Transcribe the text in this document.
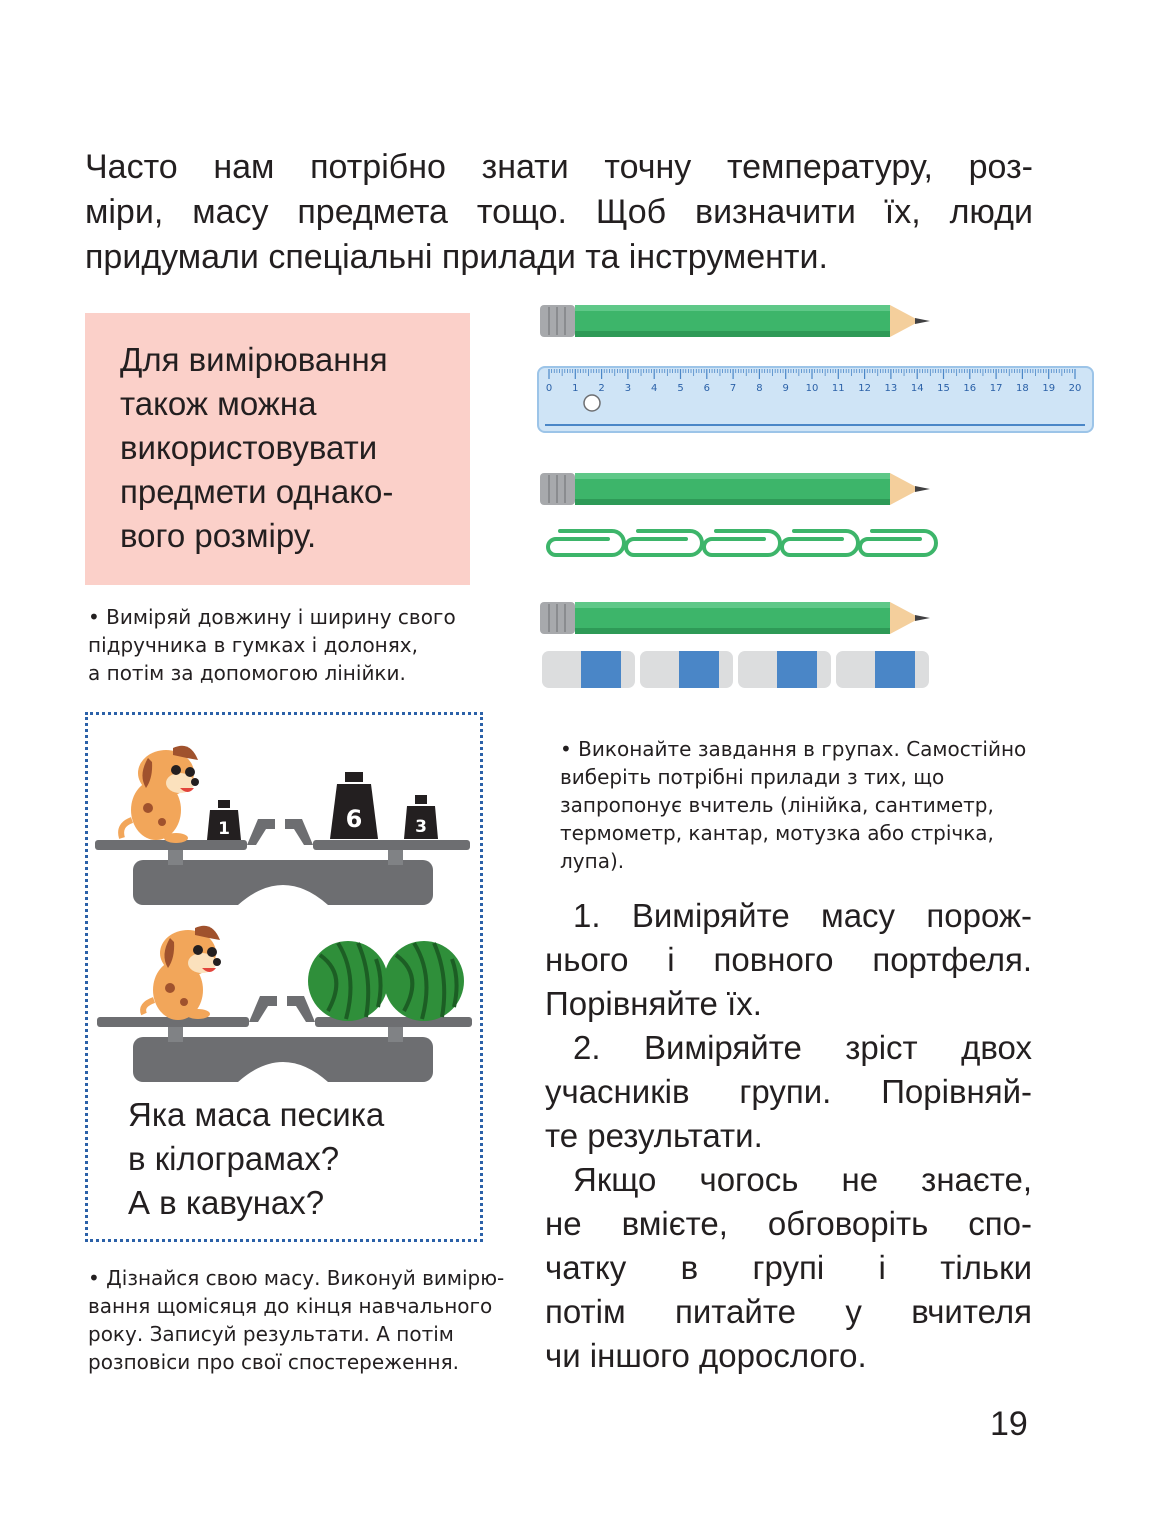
Часто нам потрібно знати точну температуру, роз-
міри, масу предмета тощо. Щоб визначити їх, люди
придумали спеціальні прилади та інструменти.
Для вимірювання
також можна
використовувати
предмети однако-
вого розміру.
• Виміряй довжину і ширину свого
підручника в гумках і долонях,
а потім за допомогою лінійки.
0 1 2 3 4 5 6 7 8 9 10 11 12 13 14 15 16 17 18 19 20
• Виконайте завдання в групах. Самостійно
виберіть потрібні прилади з тих, що
запропонує вчитель (лінійка, сантиметр,
термометр, кантар, мотузка або стрічка,
лупа).
1	6	3
Яка маса песика
в кілограмах?
А в кавунах?
• Дізнайся свою масу. Виконуй вимірю-
вання щомісяця до кінця навчального
року. Записуй результати. А потім
розповіси про свої спостереження.
1. Виміряйте масу порож-
нього і повного портфеля.
Порівняйте їх.
2. Виміряйте зріст двох
учасників групи. Порівняй-
те результати.
Якщо чогось не знаєте,
не вмієте, обговоріть спо-
чатку в групі і тільки
потім питайте у вчителя
чи іншого дорослого.
19
